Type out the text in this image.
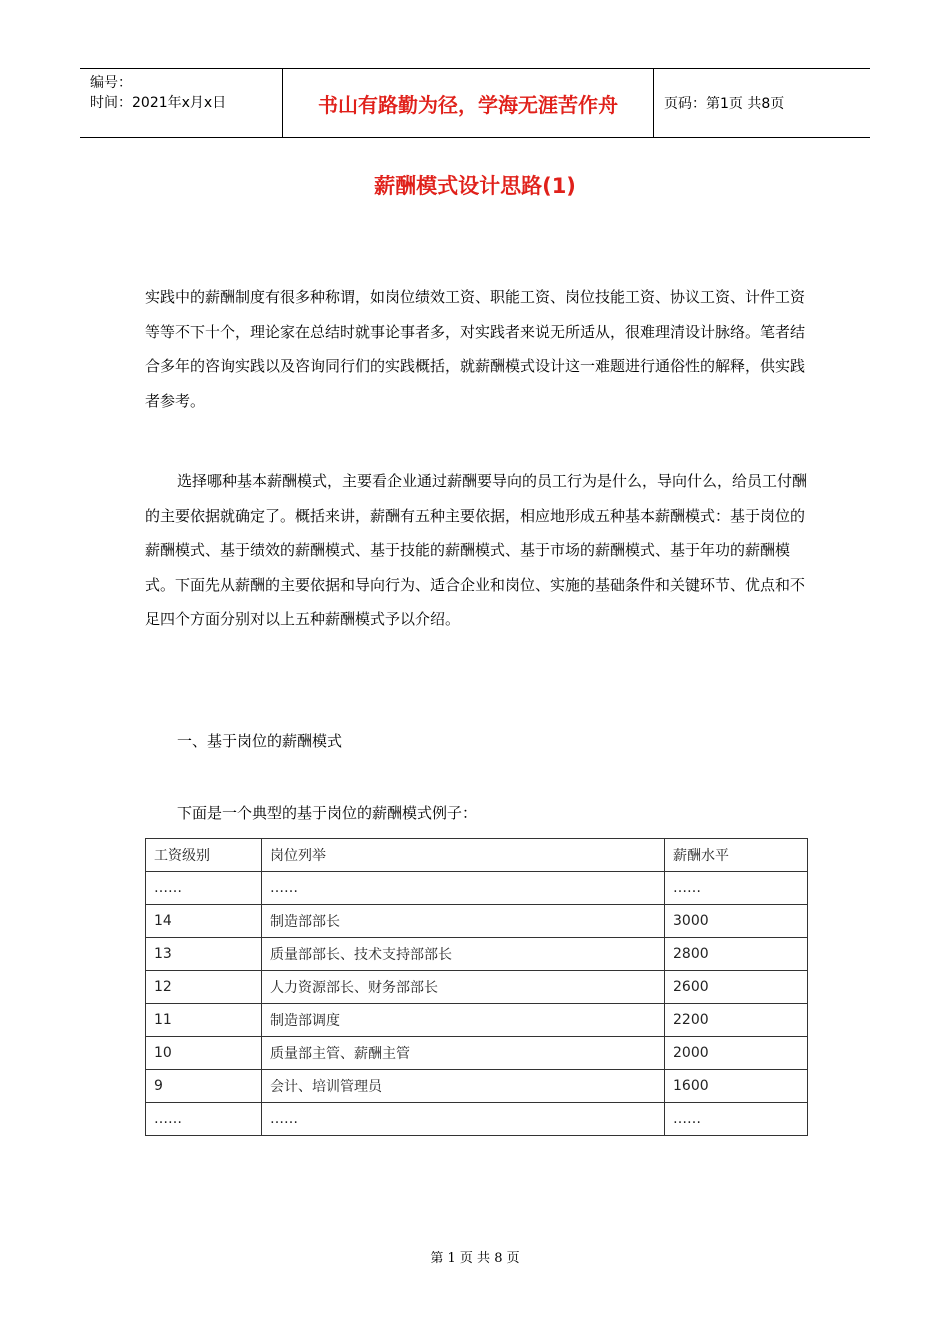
编号：
时间：2021年x月x日	书山有路勤为径，学海无涯苦作舟	页码：第1页 共8页
薪酬模式设计思路(1)

实践中的薪酬制度有很多种称谓，如岗位绩效工资、职能工资、岗位技能工资、协议工资、计件工资等等不下十个，理论家在总结时就事论事者多，对实践者来说无所适从，很难理清设计脉络。笔者结合多年的咨询实践以及咨询同行们的实践概括，就薪酬模式设计这一难题进行通俗性的解释，供实践者参考。

选择哪种基本薪酬模式，主要看企业通过薪酬要导向的员工行为是什么，导向什么，给员工付酬的主要依据就确定了。概括来讲，薪酬有五种主要依据，相应地形成五种基本薪酬模式：基于岗位的薪酬模式、基于绩效的薪酬模式、基于技能的薪酬模式、基于市场的薪酬模式、基于年功的薪酬模式。下面先从薪酬的主要依据和导向行为、适合企业和岗位、实施的基础条件和关键环节、优点和不足四个方面分别对以上五种薪酬模式予以介绍。

一、基于岗位的薪酬模式
下面是一个典型的基于岗位的薪酬模式例子：
工资级别	岗位列举	薪酬水平
……	……	……
14	制造部部长	3000
13	质量部部长、技术支持部部长	2800
12	人力资源部长、财务部部长	2600
11	制造部调度	2200
10	质量部主管、薪酬主管	2000
9	会计、培训管理员	1600
……	……	……
第 1 页 共 8 页
